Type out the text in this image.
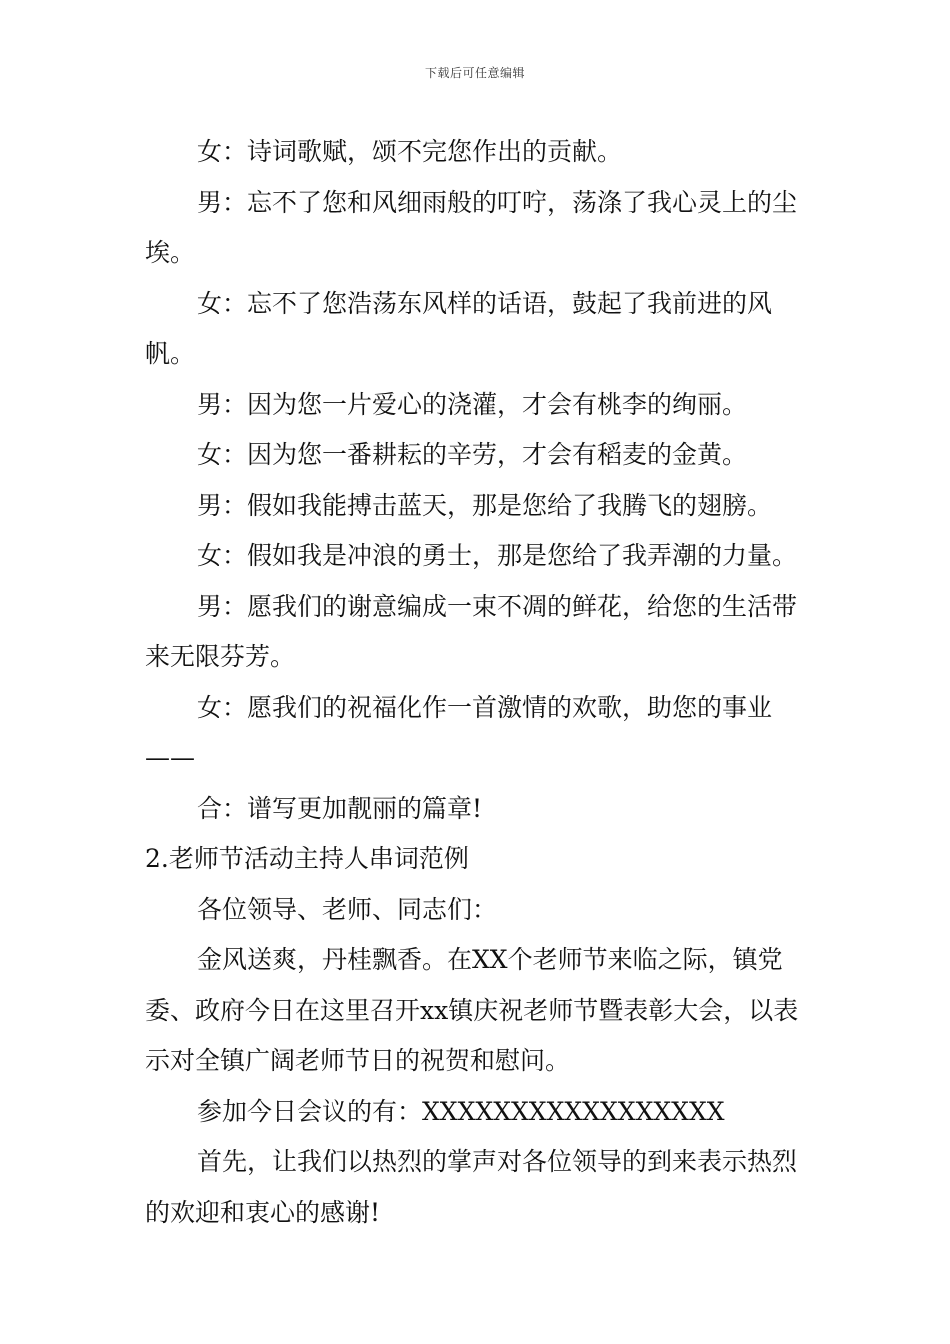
下载后可任意编辑

女：诗词歌赋，颂不完您作出的贡献。

男：忘不了您和风细雨般的叮咛，荡涤了我心灵上的尘埃。

女：忘不了您浩荡东风样的话语，鼓起了我前进的风帆。

男：因为您一片爱心的浇灌，才会有桃李的绚丽。

女：因为您一番耕耘的辛劳，才会有稻麦的金黄。

男：假如我能搏击蓝天，那是您给了我腾飞的翅膀。

女：假如我是冲浪的勇士，那是您给了我弄潮的力量。

男：愿我们的谢意编成一束不凋的鲜花，给您的生活带来无限芬芳。

女：愿我们的祝福化作一首激情的欢歌，助您的事业——

合：谱写更加靓丽的篇章!

2.老师节活动主持人串词范例

各位领导、老师、同志们：

金风送爽，丹桂飘香。在XX个老师节来临之际，镇党委、政府今日在这里召开xx镇庆祝老师节暨表彰大会，以表示对全镇广阔老师节日的祝贺和慰问。

参加今日会议的有：XXXXXXXXXXXXXXXXX

首先，让我们以热烈的掌声对各位领导的到来表示热烈的欢迎和衷心的感谢!
